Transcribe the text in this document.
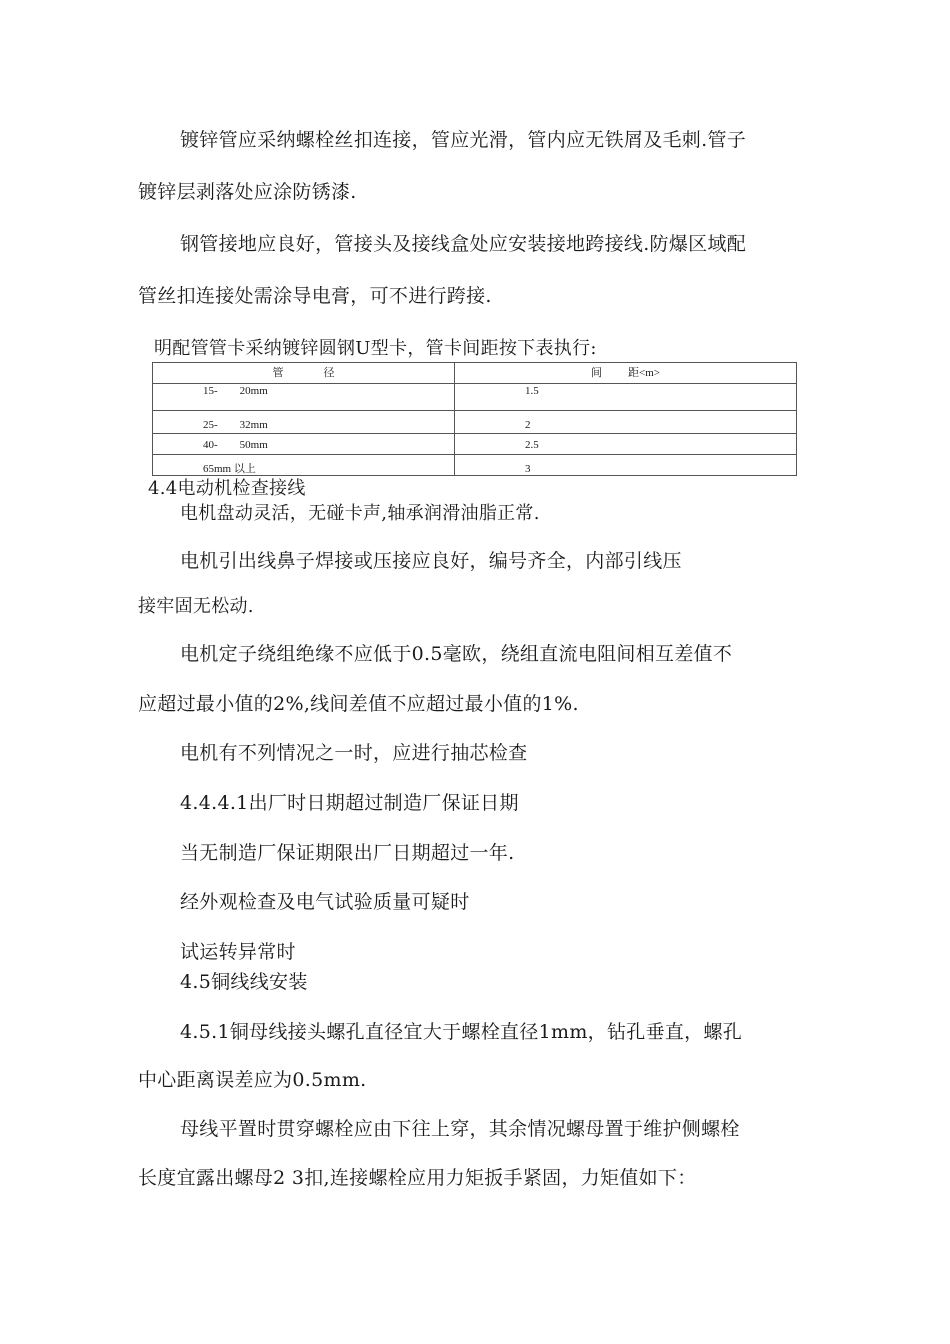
镀锌管应采纳螺栓丝扣连接，管应光滑，管内应无铁屑及毛刺.管子

镀锌层剥落处应涂防锈漆.

钢管接地应良好，管接头及接线盒处应安装接地跨接线.防爆区域配

管丝扣连接处需涂导电膏，可不进行跨接.

明配管管卡采纳镀锌圆钢U型卡，管卡间距按下表执行:

管 径	间 距<m>

15-　　20mm	1.5

25-　　32mm	2

40-　　50mm	2.5

65mm 以上	3

4.4电动机检查接线

电机盘动灵活，无碰卡声,轴承润滑油脂正常.

电机引出线鼻子焊接或压接应良好，编号齐全，内部引线压

接牢固无松动.

电机定子绕组绝缘不应低于0.5毫欧，绕组直流电阻间相互差值不

应超过最小值的2%,线间差值不应超过最小值的1%.

电机有不列情况之一时，应进行抽芯检查

4.4.4.1出厂时日期超过制造厂保证日期

当无制造厂保证期限出厂日期超过一年.

经外观检查及电气试验质量可疑时

试运转异常时

4.5铜线线安装

4.5.1铜母线接头螺孔直径宜大于螺栓直径1mm，钻孔垂直，螺孔

中心距离误差应为0.5mm.

母线平置时贯穿螺栓应由下往上穿，其余情况螺母置于维护侧螺栓

长度宜露出螺母2 3扣,连接螺栓应用力矩扳手紧固，力矩值如下：
